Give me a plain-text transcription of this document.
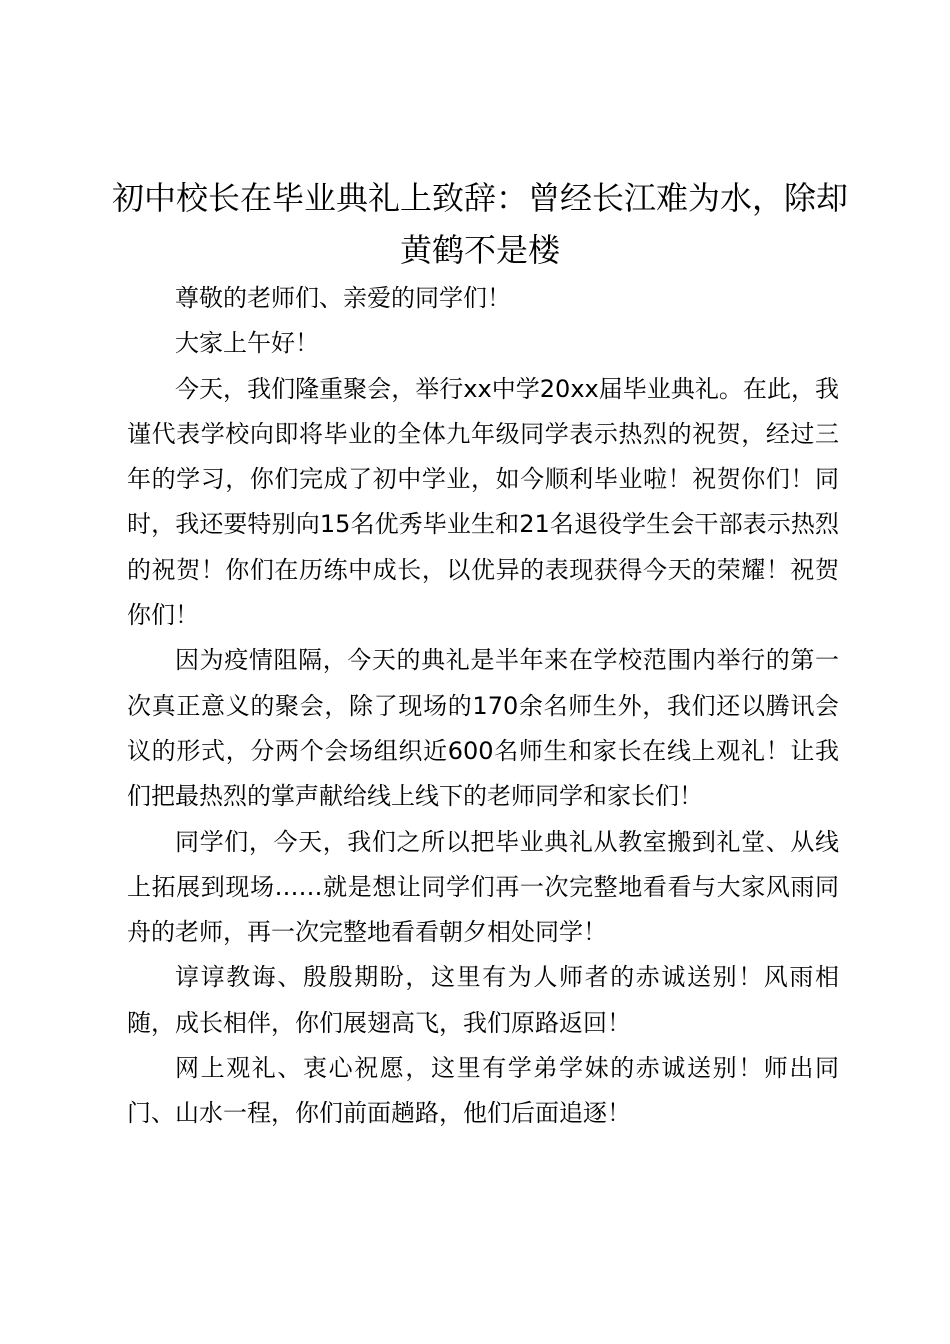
初中校长在毕业典礼上致辞：曾经长江难为水，除却黄鹤不是楼

尊敬的老师们、亲爱的同学们！

大家上午好！

今天，我们隆重聚会，举行xx中学20xx届毕业典礼。在此，我谨代表学校向即将毕业的全体九年级同学表示热烈的祝贺，经过三年的学习，你们完成了初中学业，如今顺利毕业啦！祝贺你们！同时，我还要特别向15名优秀毕业生和21名退役学生会干部表示热烈的祝贺！你们在历练中成长，以优异的表现获得今天的荣耀！祝贺你们！

因为疫情阻隔，今天的典礼是半年来在学校范围内举行的第一次真正意义的聚会，除了现场的170余名师生外，我们还以腾讯会议的形式，分两个会场组织近600名师生和家长在线上观礼！让我们把最热烈的掌声献给线上线下的老师同学和家长们！

同学们，今天，我们之所以把毕业典礼从教室搬到礼堂、从线上拓展到现场……就是想让同学们再一次完整地看看与大家风雨同舟的老师，再一次完整地看看朝夕相处同学！

谆谆教诲、殷殷期盼，这里有为人师者的赤诚送别！风雨相随，成长相伴，你们展翅高飞，我们原路返回！

网上观礼、衷心祝愿，这里有学弟学妹的赤诚送别！师出同门、山水一程，你们前面趟路，他们后面追逐！
